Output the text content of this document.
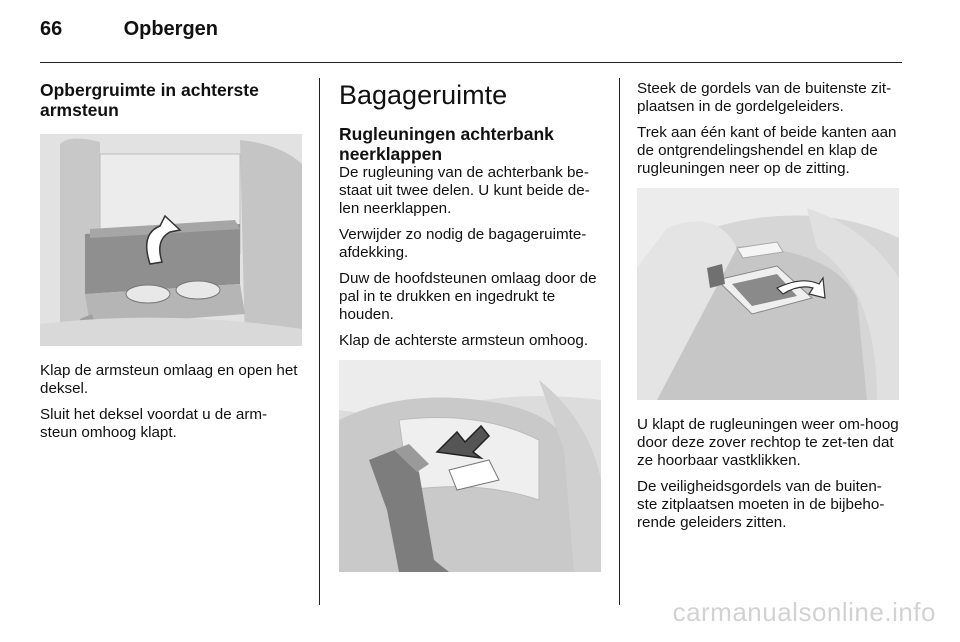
66	Opbergen
Opbergruimte in achterste armsteun

Klap de armsteun omlaag en open het deksel.

Sluit het deksel voordat u de arm-steun omhoog klapt.

Bagageruimte
Rugleuningen achterbank neerklappen

De rugleuning van de achterbank be-staat uit twee delen. U kunt beide de-len neerklappen.

Verwijder zo nodig de bagageruimte-afdekking.

Duw de hoofdsteunen omlaag door de pal in te drukken en ingedrukt te houden.

Klap de achterste armsteun omhoog.

Steek de gordels van de buitenste zit-plaatsen in de gordelgeleiders.

Trek aan één kant of beide kanten aan de ontgrendelingshendel en klap de rugleuningen neer op de zitting.

U klapt de rugleuningen weer om-hoog door deze zover rechtop te zet-ten dat ze hoorbaar vastklikken.

De veiligheidsgordels van de buiten-ste zitplaatsen moeten in de bijbeho-rende geleiders zitten.

carmanualsonline.info
